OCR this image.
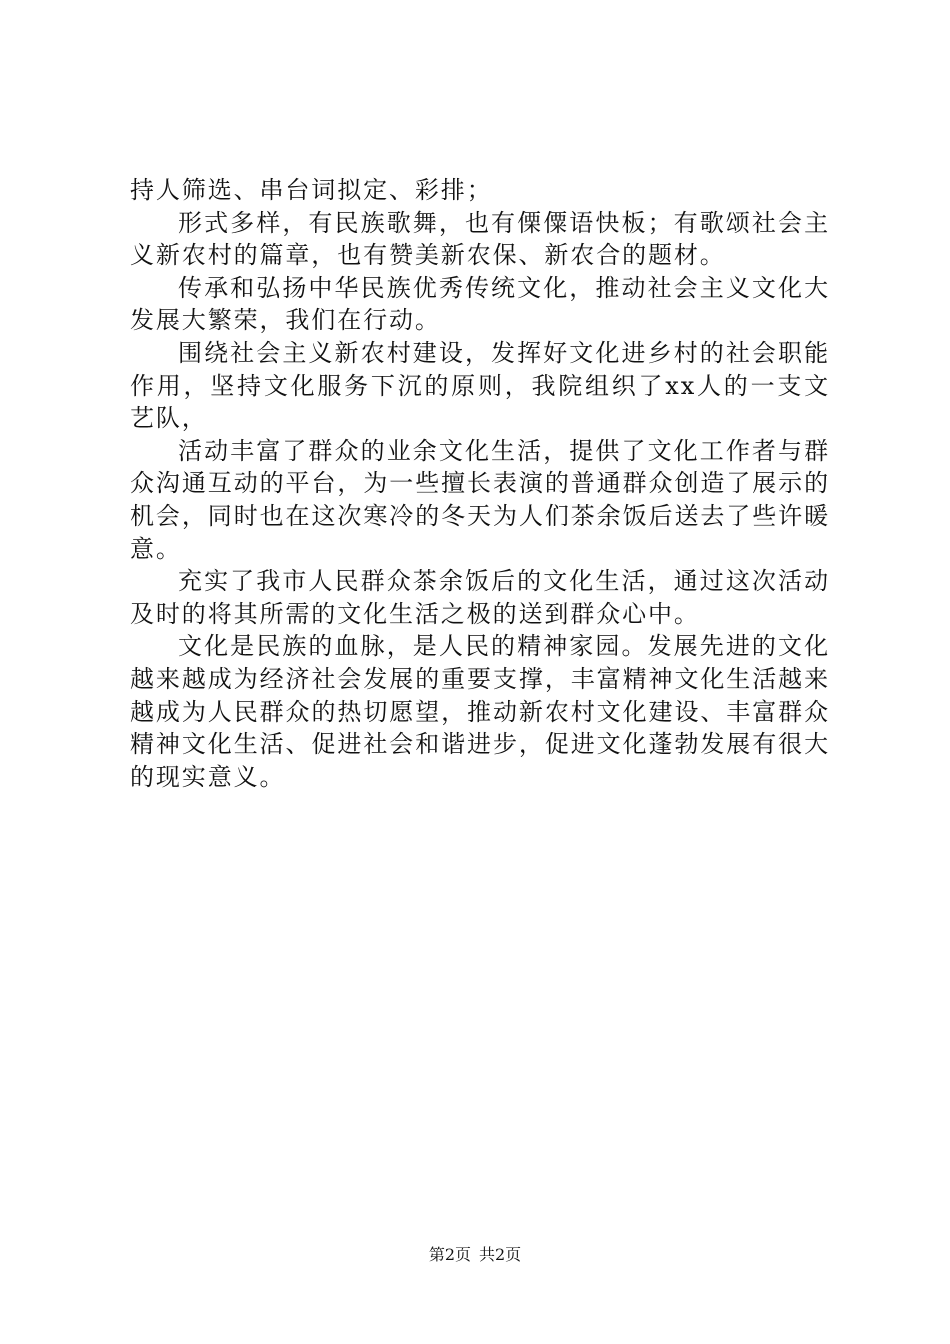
持人筛选、串台词拟定、彩排；

形式多样，有民族歌舞，也有傈僳语快板；有歌颂社会主义新农村的篇章，也有赞美新农保、新农合的题材。

传承和弘扬中华民族优秀传统文化，推动社会主义文化大发展大繁荣，我们在行动。

围绕社会主义新农村建设，发挥好文化进乡村的社会职能作用，坚持文化服务下沉的原则，我院组织了xx人的一支文艺队，

活动丰富了群众的业余文化生活，提供了文化工作者与群众沟通互动的平台，为一些擅长表演的普通群众创造了展示的机会，同时也在这次寒冷的冬天为人们茶余饭后送去了些许暖意。

充实了我市人民群众茶余饭后的文化生活，通过这次活动及时的将其所需的文化生活之极的送到群众心中。

文化是民族的血脉，是人民的精神家园。发展先进的文化越来越成为经济社会发展的重要支撑，丰富精神文化生活越来越成为人民群众的热切愿望，推动新农村文化建设、丰富群众精神文化生活、促进社会和谐进步，促进文化蓬勃发展有很大的现实意义。

第2页 共2页
